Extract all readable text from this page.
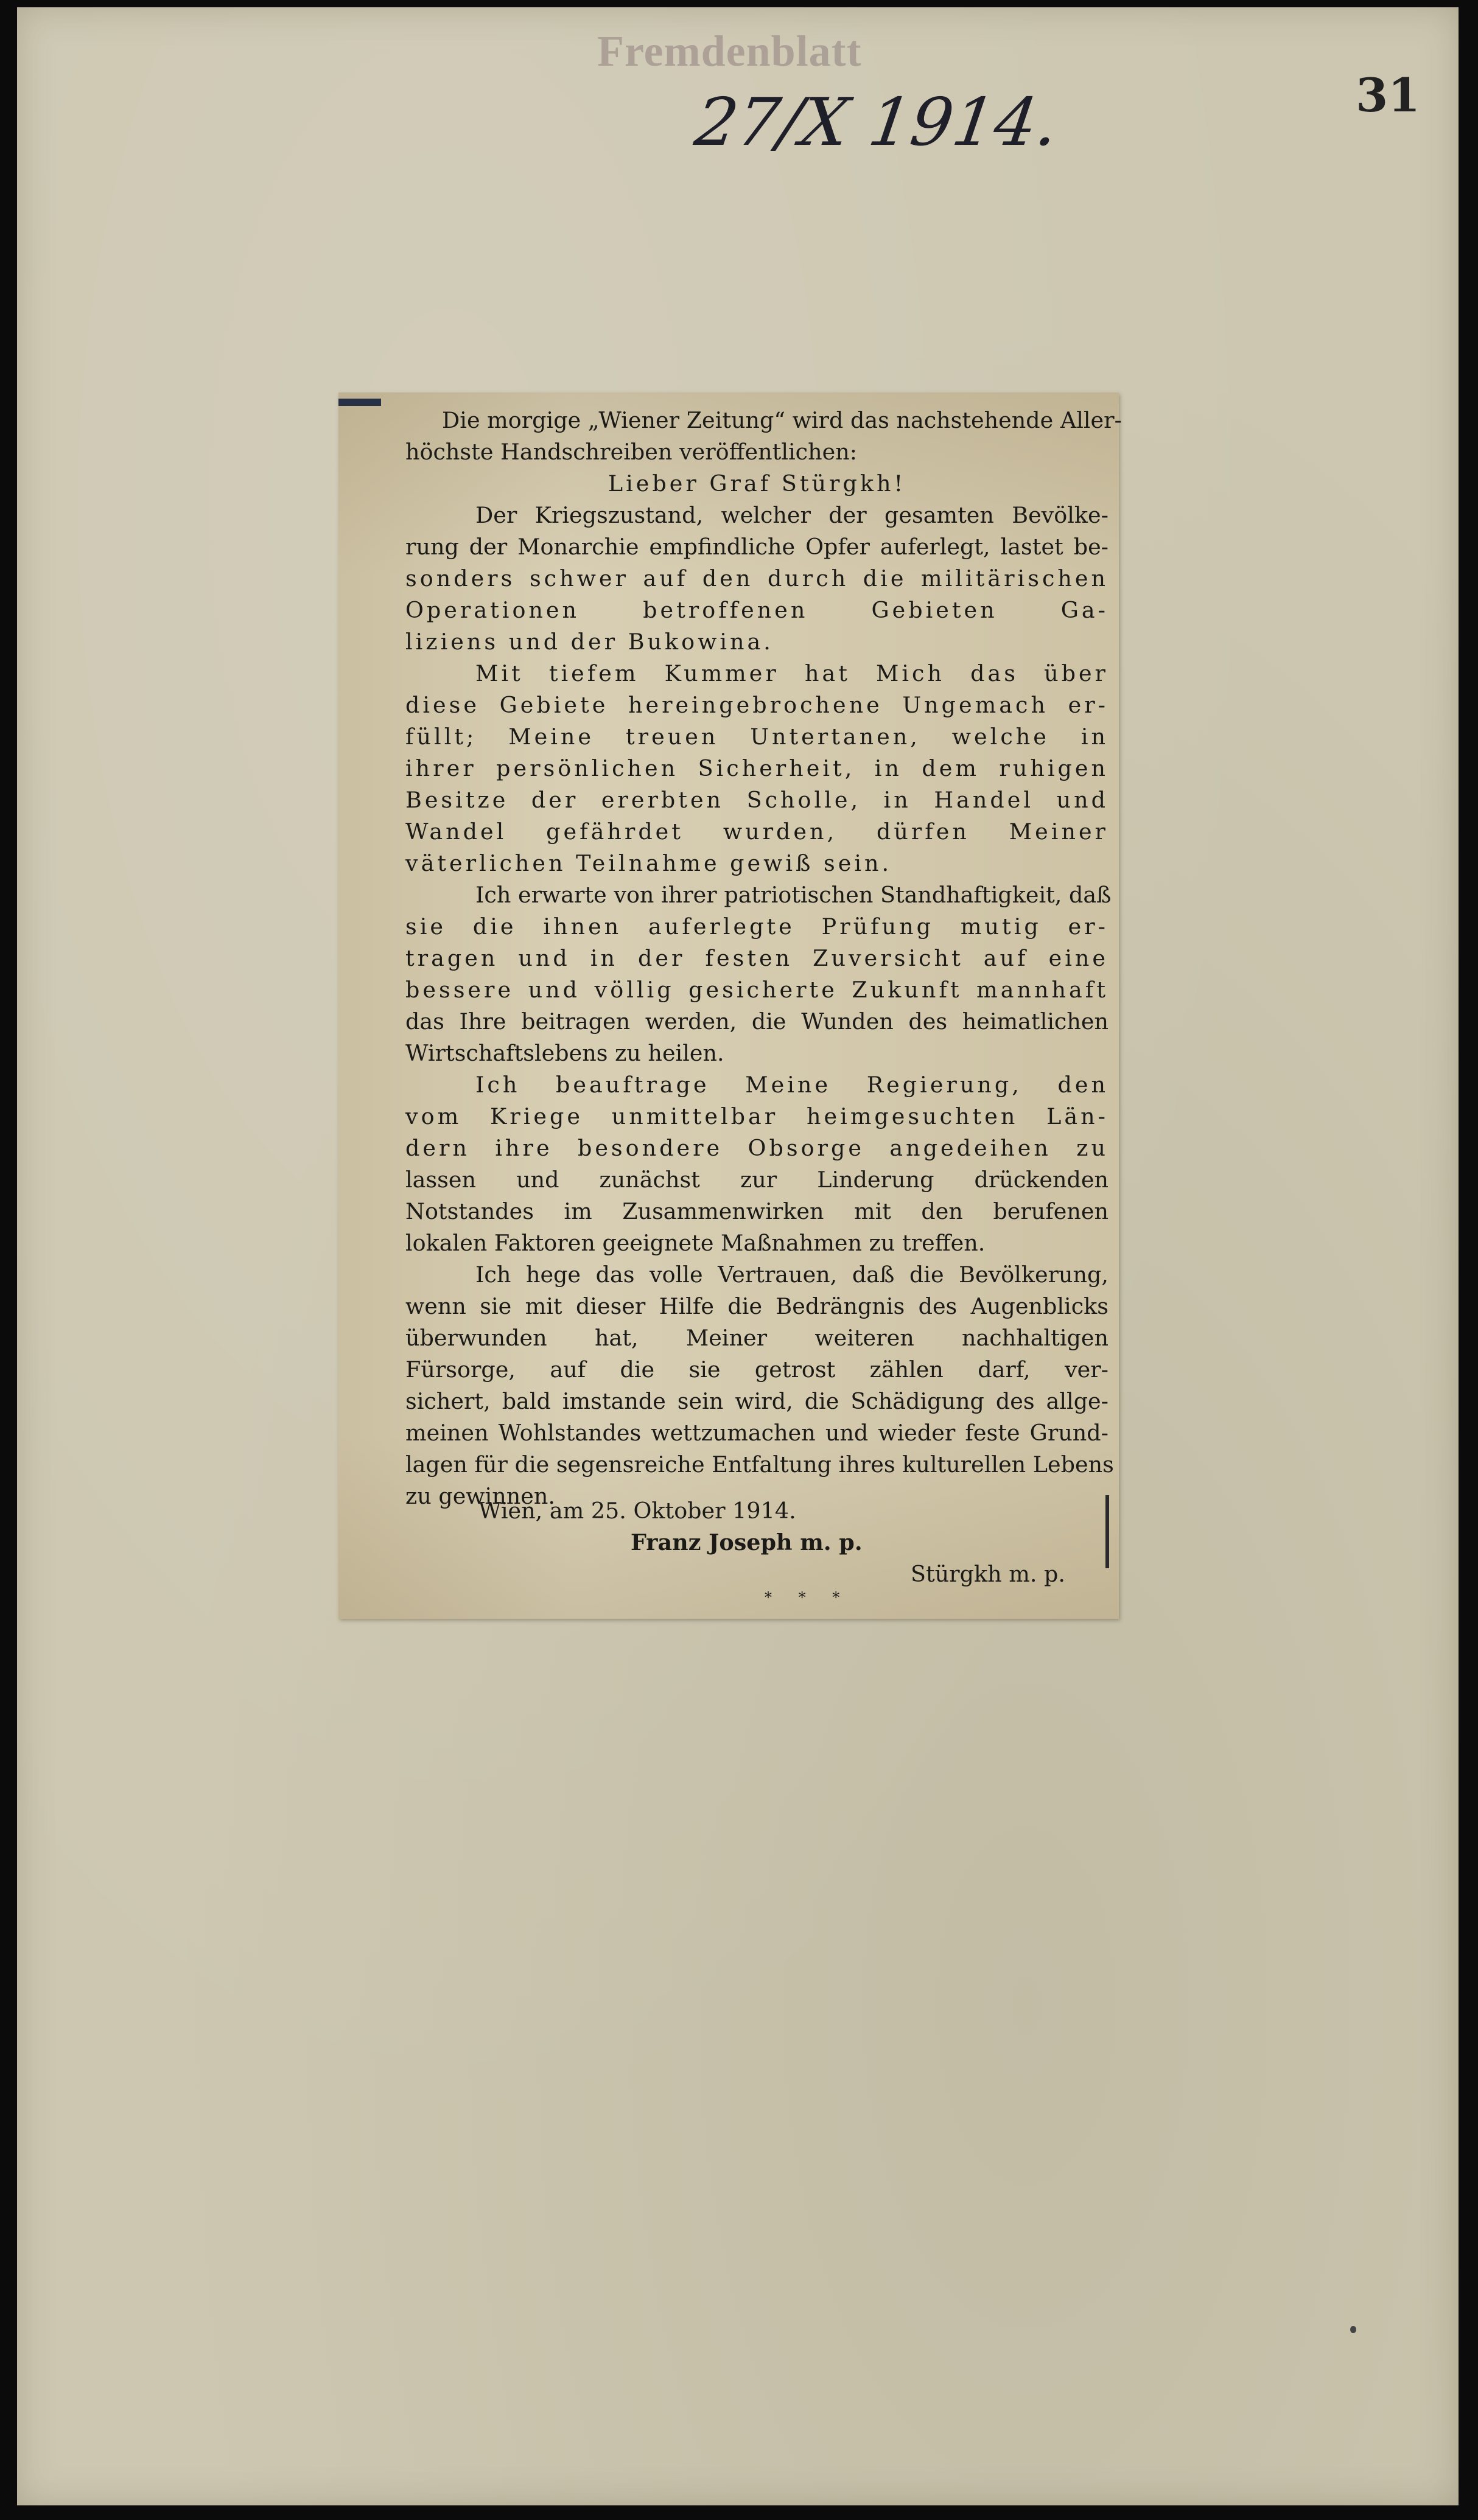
Fremdenblatt
27/X 1914.	31
Die morgige „Wiener Zeitung“ wird das nachstehende Aller-
höchste Handschreiben veröffentlichen:
Lieber Graf Stürgkh!
Der Kriegszustand, welcher der gesamten Bevölke-
rung der Monarchie empfindliche Opfer auferlegt, lastet be-
sonders schwer auf den durch die militärischen
Operationen betroffenen Gebieten Ga-
liziens und der Bukowina.
Mit tiefem Kummer hat Mich das über
diese Gebiete hereingebrochene Ungemach er-
füllt; Meine treuen Untertanen, welche in
ihrer persönlichen Sicherheit, in dem ruhigen
Besitze der ererbten Scholle, in Handel und
Wandel gefährdet wurden, dürfen Meiner
väterlichen Teilnahme gewiß sein.
Ich erwarte von ihrer patriotischen Standhaftigkeit, daß
sie die ihnen auferlegte Prüfung mutig er-
tragen und in der festen Zuversicht auf eine
bessere und völlig gesicherte Zukunft mannhaft
das Ihre beitragen werden, die Wunden des heimatlichen
Wirtschaftslebens zu heilen.
Ich beauftrage Meine Regierung, den
vom Kriege unmittelbar heimgesuchten Län-
dern ihre besondere Obsorge angedeihen zu
lassen und zunächst zur Linderung drückenden
Notstandes im Zusammenwirken mit den berufenen
lokalen Faktoren geeignete Maßnahmen zu treffen.
Ich hege das volle Vertrauen, daß die Bevölkerung,
wenn sie mit dieser Hilfe die Bedrängnis des Augenblicks
überwunden hat, Meiner weiteren nachhaltigen
Fürsorge, auf die sie getrost zählen darf, ver-
sichert, bald imstande sein wird, die Schädigung des allge-
meinen Wohlstandes wettzumachen und wieder feste Grund-
lagen für die segensreiche Entfaltung ihres kulturellen Lebens
zu gewinnen.
Wien, am 25. Oktober 1914.
Franz Joseph m. p.
Stürgkh m. p.
* * *
